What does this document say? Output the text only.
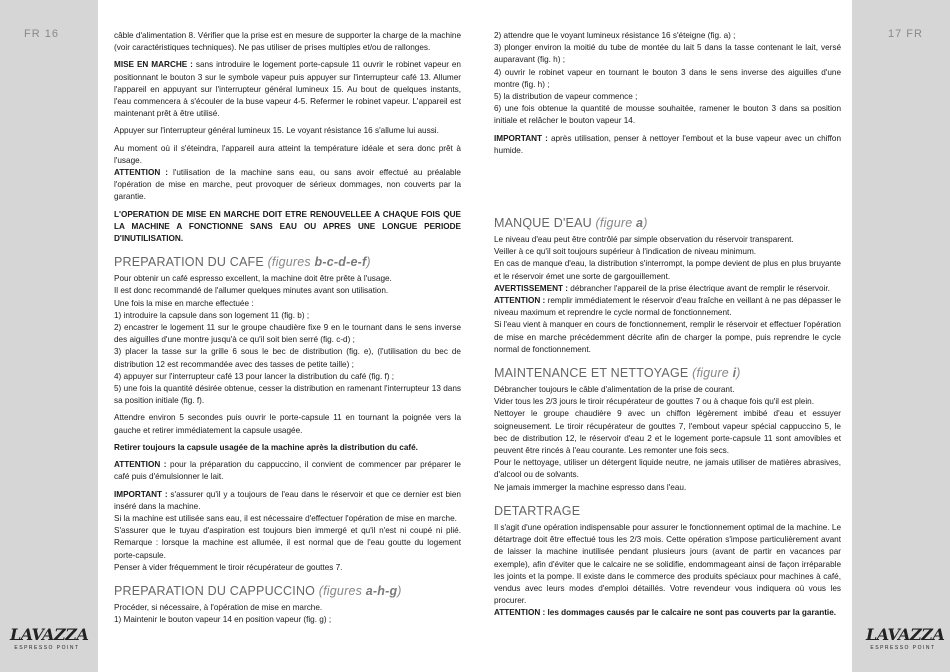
FR 16
LAVAZZA
ESPRESSO POINT
17 FR
LAVAZZA
ESPRESSO POINT

câble d'alimentation 8. Vérifier que la prise est en mesure de supporter la charge de la machine (voir caractéristiques techniques). Ne pas utiliser de prises multiples et/ou de rallonges.

MISE EN MARCHE : sans introduire le logement porte-capsule 11 ouvrir le robinet vapeur en positionnant le bouton 3 sur le symbole vapeur puis appuyer sur l'interrupteur café 13. Allumer l'appareil en appuyant sur l'interrupteur général lumineux 15. Au bout de quelques instants, l'eau commencera à s'écouler de la buse vapeur 4-5. Refermer le robinet vapeur. L'appareil est maintenant prêt à être utilisé.

Appuyer sur l'interrupteur général lumineux 15. Le voyant résistance 16 s'allume lui aussi.

Au moment où il s'éteindra, l'appareil aura atteint la température idéale et sera donc prêt à l'usage.

ATTENTION : l'utilisation de la machine sans eau, ou sans avoir effectué au préalable l'opération de mise en marche, peut provoquer de sérieux dommages, non couverts par la garantie.

L'OPERATION DE MISE EN MARCHE DOIT ETRE RENOUVELLEE A CHAQUE FOIS QUE LA MACHINE A FONCTIONNE SANS EAU OU APRES UNE LONGUE PERIODE D'INUTILISATION.

PREPARATION DU CAFE (figures b-c-d-e-f)

Pour obtenir un café espresso excellent, la machine doit être prête à l'usage.

Il est donc recommandé de l'allumer quelques minutes avant son utilisation.

Une fois la mise en marche effectuée :

1) introduire la capsule dans son logement 11 (fig. b) ;

2) encastrer le logement 11 sur le groupe chaudière fixe 9 en le tournant dans le sens inverse des aiguilles d'une montre jusqu'à ce qu'il soit bien serré (fig. c-d) ;

3) placer la tasse sur la grille 6 sous le bec de distribution (fig. e), (l'utilisation du bec de distribution 12 est recommandée avec des tasses de petite taille) ;

4) appuyer sur l'interrupteur café 13 pour lancer la distribution du café (fig. f) ;

5) une fois la quantité désirée obtenue, cesser la distribution en ramenant l'interrupteur 13 dans sa position initiale (fig. f).

Attendre environ 5 secondes puis ouvrir le porte-capsule 11 en tournant la poignée vers la gauche et retirer immédiatement la capsule usagée.

Retirer toujours la capsule usagée de la machine après la distribution du café.

ATTENTION : pour la préparation du cappuccino, il convient de commencer par préparer le café puis d'émulsionner le lait.

IMPORTANT : s'assurer qu'il y a toujours de l'eau dans le réservoir et que ce dernier est bien inséré dans la machine.

Si la machine est utilisée sans eau, il est nécessaire d'effectuer l'opération de mise en marche.

S'assurer que le tuyau d'aspiration est toujours bien immergé et qu'il n'est ni coupé ni plié. Remarque : lorsque la machine est allumée, il est normal que de l'eau goutte du logement porte-capsule.

Penser à vider fréquemment le tiroir récupérateur de gouttes 7.

PREPARATION DU CAPPUCCINO (figures a-h-g)

Procéder, si nécessaire, à l'opération de mise en marche.

1) Maintenir le bouton vapeur 14 en position vapeur (fig. g) ;

2) attendre que le voyant lumineux résistance 16 s'éteigne (fig. a) ;

3) plonger environ la moitié du tube de montée du lait 5 dans la tasse contenant le lait, versé auparavant (fig. h) ;

4) ouvrir le robinet vapeur en tournant le bouton 3 dans le sens inverse des aiguilles d'une montre (fig. h) ;

5) la distribution de vapeur commence ;

6) une fois obtenue la quantité de mousse souhaitée, ramener le bouton 3 dans sa position initiale et relâcher le bouton vapeur 14.

IMPORTANT : après utilisation, penser à nettoyer l'embout et la buse vapeur avec un chiffon humide.

MANQUE D'EAU (figure a)

Le niveau d'eau peut être contrôlé par simple observation du réservoir transparent.

Veiller à ce qu'il soit toujours supérieur à l'indication de niveau minimum.

En cas de manque d'eau, la distribution s'interrompt, la pompe devient de plus en plus bruyante et le réservoir émet une sorte de gargouillement.

AVERTISSEMENT : débrancher l'appareil de la prise électrique avant de remplir le réservoir.

ATTENTION : remplir immédiatement le réservoir d'eau fraîche en veillant à ne pas dépasser le niveau maximum et reprendre le cycle normal de fonctionnement.

Si l'eau vient à manquer en cours de fonctionnement, remplir le réservoir et effectuer l'opération de mise en marche précédemment décrite afin de charger la pompe, puis reprendre le cycle normal de fonctionnement.

MAINTENANCE ET NETTOYAGE (figure i)

Débrancher toujours le câble d'alimentation de la prise de courant.

Vider tous les 2/3 jours le tiroir récupérateur de gouttes 7 ou à chaque fois qu'il est plein.

Nettoyer le groupe chaudière 9 avec un chiffon légèrement imbibé d'eau et essuyer soigneusement. Le tiroir récupérateur de gouttes 7, l'embout vapeur spécial cappuccino 5, le bec de distribution 12, le réservoir d'eau 2 et le logement porte-capsule 11 sont amovibles et peuvent être rincés à l'eau courante. Les remonter une fois secs.

Pour le nettoyage, utiliser un détergent liquide neutre, ne jamais utiliser de matières abrasives, d'alcool ou de solvants.

Ne jamais immerger la machine espresso dans l'eau.

DETARTRAGE

Il s'agit d'une opération indispensable pour assurer le fonctionnement optimal de la machine. Le détartrage doit être effectué tous les 2/3 mois. Cette opération s'impose particulièrement avant de laisser la machine inutilisée pendant plusieurs jours (avant de partir en vacances par exemple), afin d'éviter que le calcaire ne se solidifie, endommageant ainsi de façon irréparable les joints et la pompe. Il existe dans le commerce des produits spéciaux pour machines à café, vendus avec leurs modes d'emploi détaillés. Votre revendeur vous indiquera où vous les procurer.

ATTENTION : les dommages causés par le calcaire ne sont pas couverts par la garantie.
